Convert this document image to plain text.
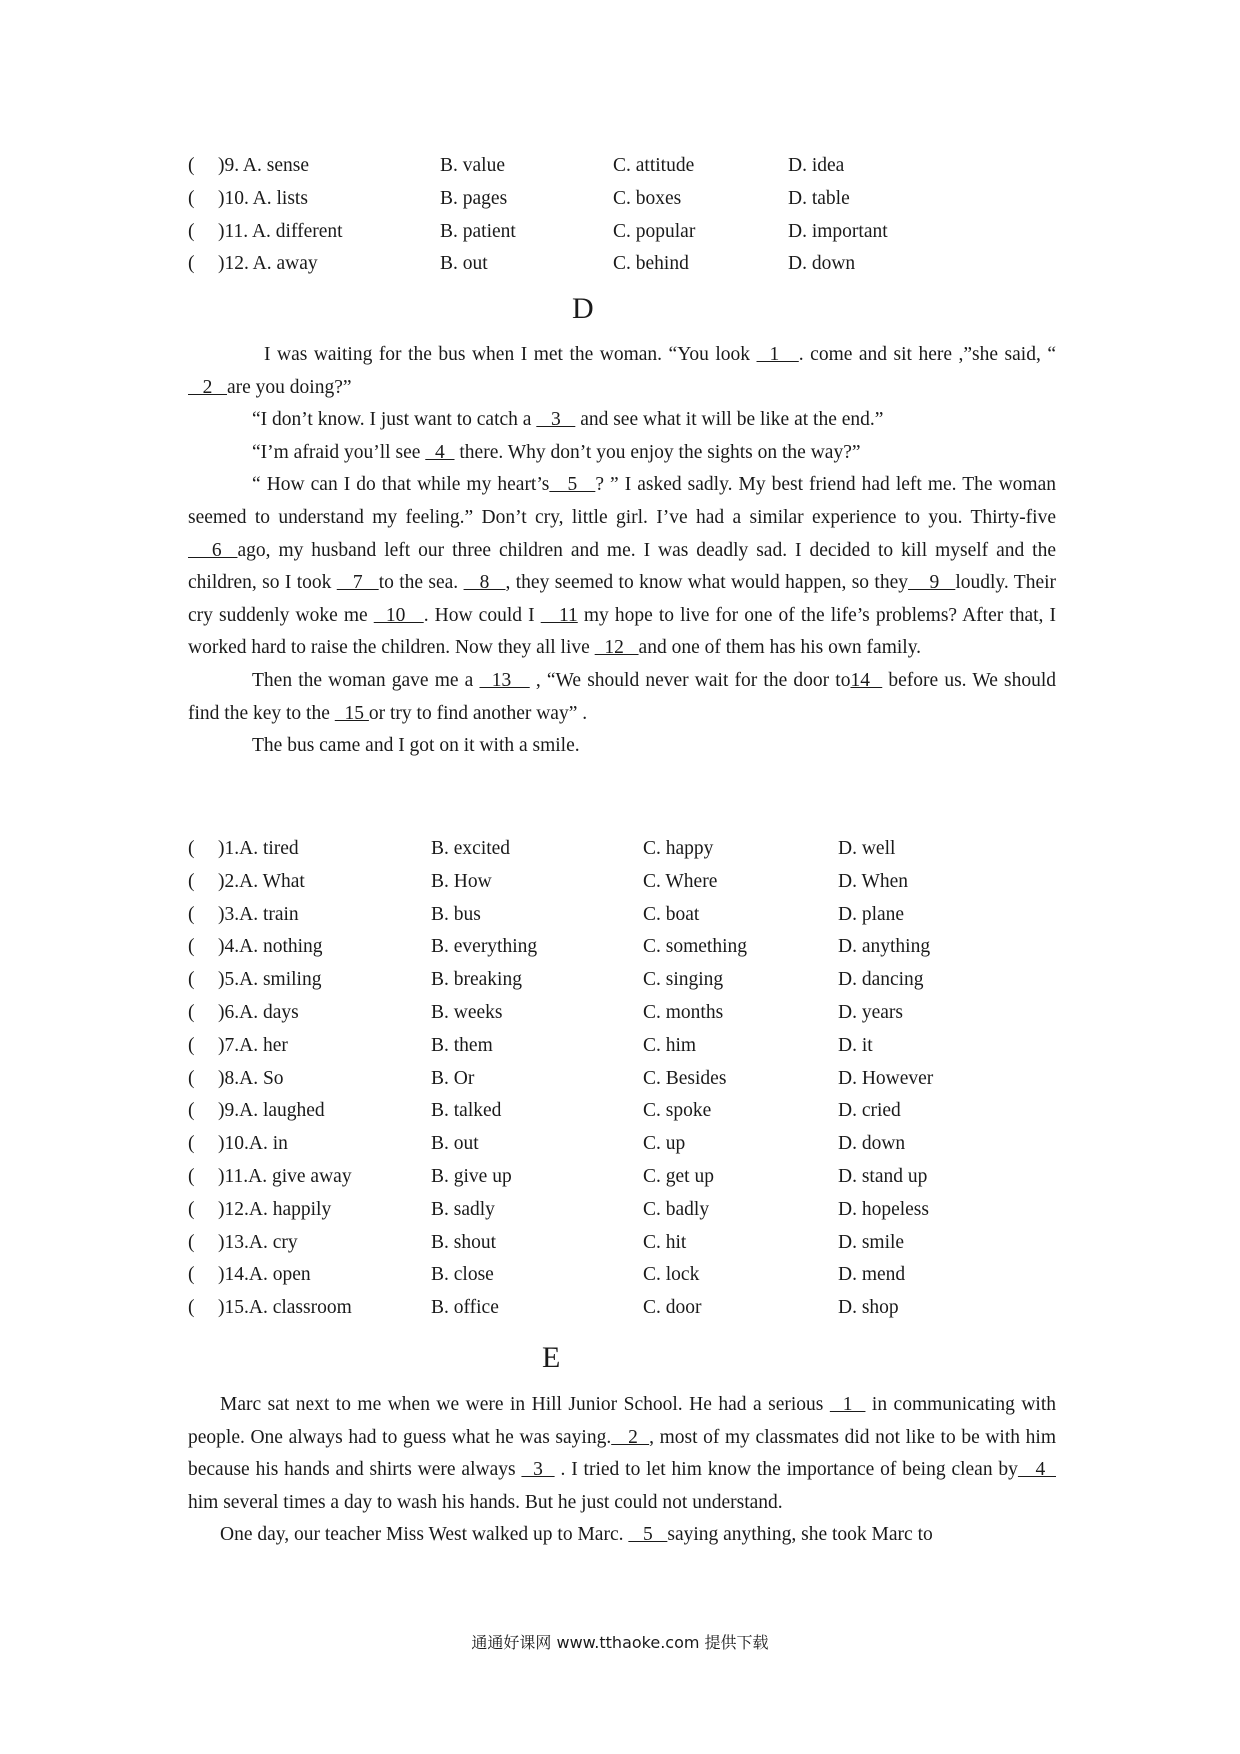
( )9. A. sense	B. value	C. attitude	D. idea
( )10. A. lists	B. pages	C. boxes	D. table
( )11. A. different	B. patient	C. popular	D. important
( )12. A. away	B. out	C. behind	D. down
D

I was waiting for the bus when I met the woman. “You look   1   . come and sit here ,”she said, “   2   are you doing?”

“I don’t know. I just want to catch a    3    and see what it will be like at the end.”

“I’m afraid you’ll see   4   there. Why don’t you enjoy the sights on the way?”

“ How can I do that while my heart’s   5   ? ” I asked sadly. My best friend had left me. The woman seemed to understand my feeling.” Don’t cry, little girl. I’ve had a similar experience to you. Thirty-five    6  ago, my husband left our three children and me. I was deadly sad. I decided to kill myself and the children, so I took    7   to the sea.    8   , they seemed to know what would happen, so they    9   loudly. Their cry suddenly woke me   10   . How could I    11 my hope to live for one of the life’s problems? After that, I worked hard to raise the children. Now they all live   12   and one of them has his own family.

Then the woman gave me a   13    , “We should never wait for the door to14   before us. We should find the key to the   15 or try to find another way” .

The bus came and I got on it with a smile.

( )1.A. tired	B. excited	C. happy	D. well
( )2.A. What	B. How	C. Where	D. When
( )3.A. train	B. bus	C. boat	D. plane
( )4.A. nothing	B. everything	C. something	D. anything
( )5.A. smiling	B. breaking	C. singing	D. dancing
( )6.A. days	B. weeks	C. months	D. years
( )7.A. her	B. them	C. him	D. it
( )8.A. So	B. Or	C. Besides	D. However
( )9.A. laughed	B. talked	C. spoke	D. cried
( )10.A. in	B. out	C. up	D. down
( )11.A. give away	B. give up	C. get up	D. stand up
( )12.A. happily	B. sadly	C. badly	D. hopeless
( )13.A. cry	B. shout	C. hit	D. smile
( )14.A. open	B. close	C. lock	D. mend
( )15.A. classroom	B. office	C. door	D. shop
E

Marc sat next to me when we were in Hill Junior School. He had a serious   1   in communicating with people. One always had to guess what he was saying.   2  , most of my classmates did not like to be with him because his hands and shirts were always   3   . I tried to let him know the importance of being clean by   4   him several times a day to wash his hands. But he just could not understand.

One day, our teacher Miss West walked up to Marc.    5   saying anything, she took Marc to

通通好课网 www.tthaoke.com 提供下载
